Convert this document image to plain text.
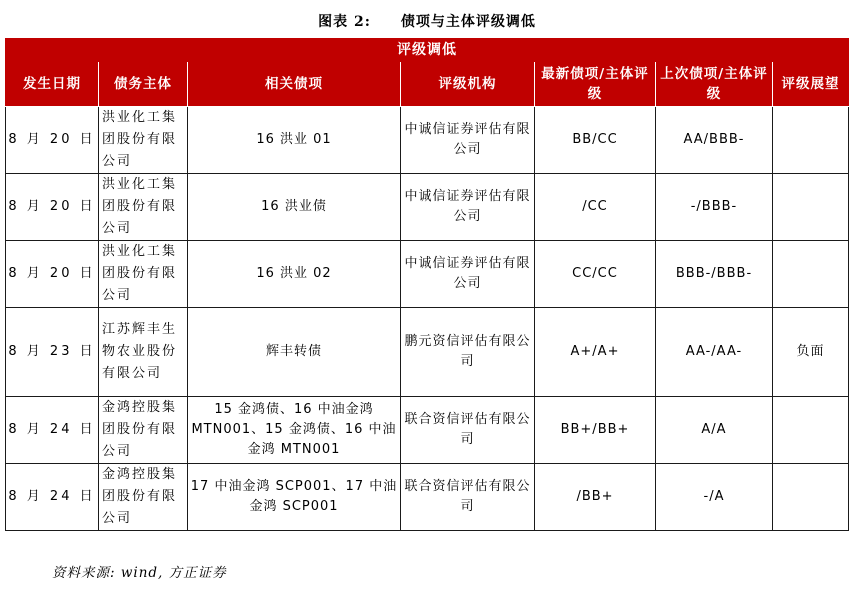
图表 2: 债项与主体评级调低
评级调低						
发生日期	债务主体	相关债项	评级机构	最新债项/主体评级	上次债项/主体评级	评级展望
8 月 20 日	洪业化工集团股份有限公司	16 洪业 01	中诚信证券评估有限公司	BB/CC	AA/BBB-	
8 月 20 日	洪业化工集团股份有限公司	16 洪业债	中诚信证券评估有限公司	/CC	-/BBB-	
8 月 20 日	洪业化工集团股份有限公司	16 洪业 02	中诚信证券评估有限公司	CC/CC	BBB-/BBB-	
8 月 23 日	江苏辉丰生物农业股份有限公司	辉丰转债	鹏元资信评估有限公司	A+/A+	AA-/AA-	负面
8 月 24 日	金鸿控股集团股份有限公司	15 金鸿债、16 中油金鸿 MTN001、15 金鸿债、16 中油金鸿 MTN001	联合资信评估有限公司	BB+/BB+	A/A	
8 月 24 日	金鸿控股集团股份有限公司	17 中油金鸿 SCP001、17 中油金鸿 SCP001	联合资信评估有限公司	/BB+	-/A	
资料来源: wind, 方正证券
